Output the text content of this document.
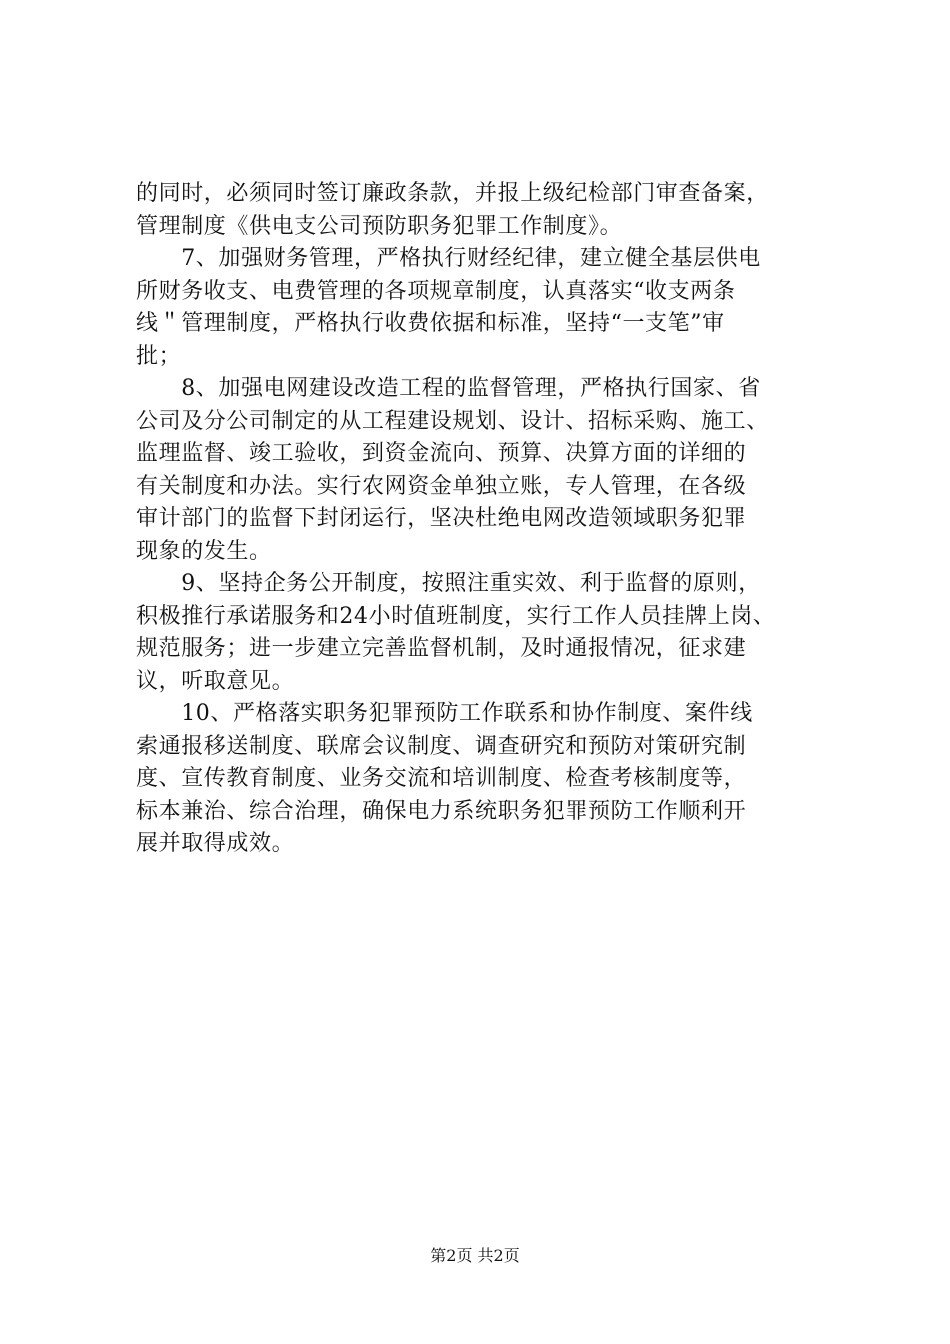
的同时，必须同时签订廉政条款，并报上级纪检部门审查备案，
管理制度《供电支公司预防职务犯罪工作制度》。
　　7、加强财务管理，严格执行财经纪律，建立健全基层供电
所财务收支、电费管理的各项规章制度，认真落实“收支两条
线＂管理制度，严格执行收费依据和标准，坚持“一支笔”审
批；
　　8、加强电网建设改造工程的监督管理，严格执行国家、省
公司及分公司制定的从工程建设规划、设计、招标采购、施工、
监理监督、竣工验收，到资金流向、预算、决算方面的详细的
有关制度和办法。实行农网资金单独立账，专人管理，在各级
审计部门的监督下封闭运行，坚决杜绝电网改造领域职务犯罪
现象的发生。
　　9、坚持企务公开制度，按照注重实效、利于监督的原则，
积极推行承诺服务和24小时值班制度，实行工作人员挂牌上岗、
规范服务；进一步建立完善监督机制，及时通报情况，征求建
议，听取意见。
　　10、严格落实职务犯罪预防工作联系和协作制度、案件线
索通报移送制度、联席会议制度、调查研究和预防对策研究制
度、宣传教育制度、业务交流和培训制度、检查考核制度等，
标本兼治、综合治理，确保电力系统职务犯罪预防工作顺利开
展并取得成效。
第2页 共2页
